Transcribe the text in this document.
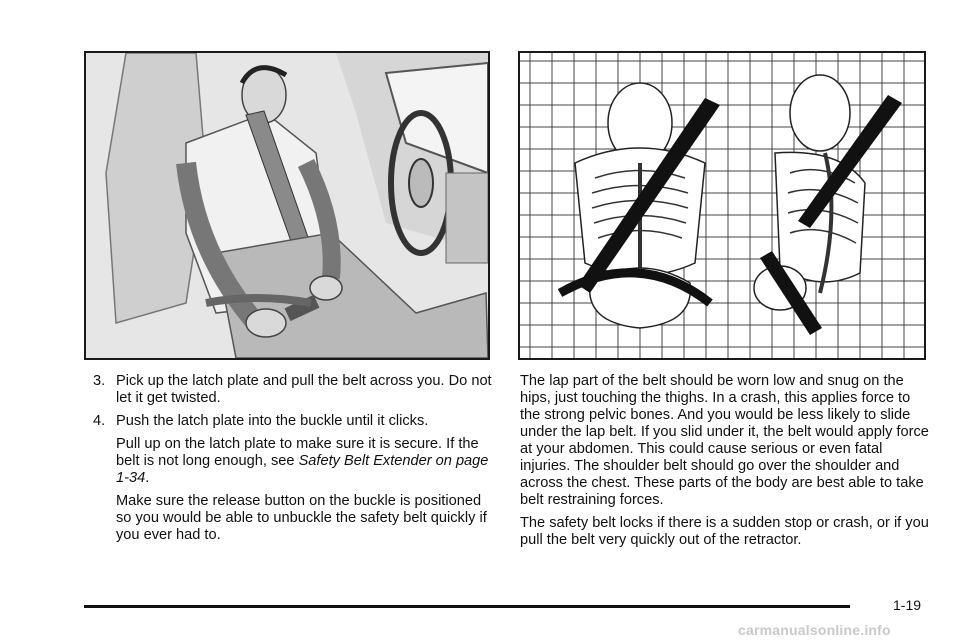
3. Pick up the latch plate and pull the belt across you. Do not let it get twisted.
4. Push the latch plate into the buckle until it clicks.
Pull up on the latch plate to make sure it is secure. If the belt is not long enough, see Safety Belt Extender on page 1-34.
Make sure the release button on the buckle is positioned so you would be able to unbuckle the safety belt quickly if you ever had to.

The lap part of the belt should be worn low and snug on the hips, just touching the thighs. In a crash, this applies force to the strong pelvic bones. And you would be less likely to slide under the lap belt. If you slid under it, the belt would apply force at your abdomen. This could cause serious or even fatal injuries. The shoulder belt should go over the shoulder and across the chest. These parts of the body are best able to take belt restraining forces.

The safety belt locks if there is a sudden stop or crash, or if you pull the belt very quickly out of the retractor.

1-19
carmanualsonline.info
